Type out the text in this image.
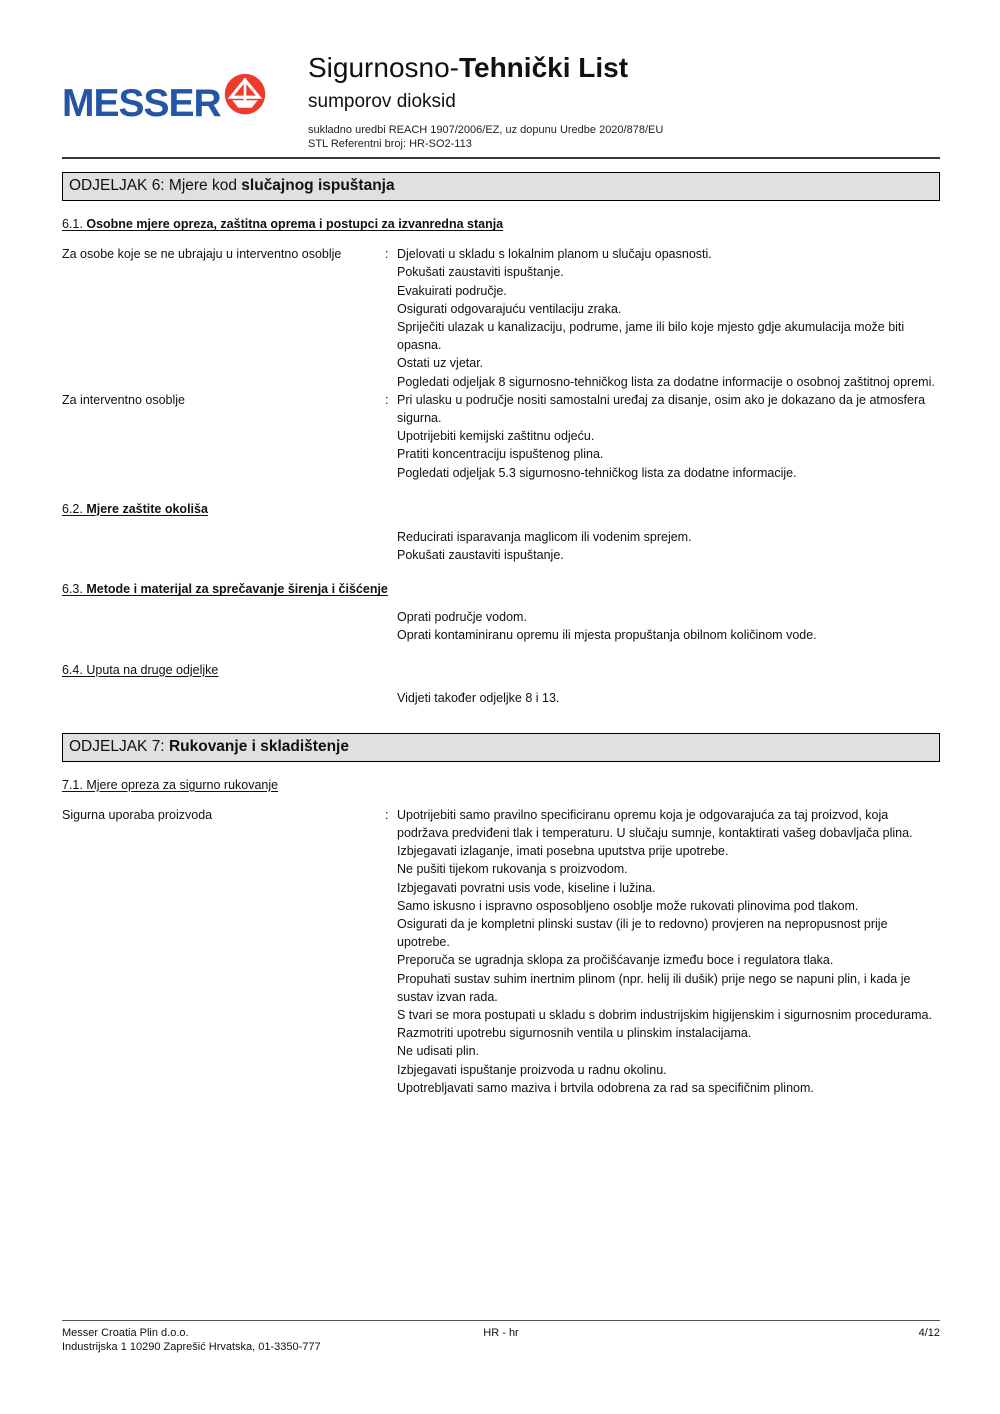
MESSER
Sigurnosno-Tehnički List
sumporov dioksid
sukladno uredbi REACH 1907/2006/EZ, uz dopunu Uredbe 2020/878/EU
STL Referentni broj: HR-SO2-113
ODJELJAK 6: Mjere kod slučajnog ispuštanja
6.1. Osobne mjere opreza, zaštitna oprema i postupci za izvanredna stanja
Za osobe koje se ne ubrajaju u interventno osoblje	: Djelovati u skladu s lokalnim planom u slučaju opasnosti.
Pokušati zaustaviti ispuštanje.
Evakuirati područje.
Osigurati odgovarajuću ventilaciju zraka.
Spriječiti ulazak u kanalizaciju, podrume, jame ili bilo koje mjesto gdje akumulacija može biti opasna.
Ostati uz vjetar.
Pogledati odjeljak 8 sigurnosno-tehničkog lista za dodatne informacije o osobnoj zaštitnoj opremi.
Za interventno osoblje	: Pri ulasku u područje nositi samostalni uređaj za disanje, osim ako je dokazano da je atmosfera sigurna.
Upotrijebiti kemijski zaštitnu odjeću.
Pratiti koncentraciju ispuštenog plina.
Pogledati odjeljak 5.3 sigurnosno-tehničkog lista za dodatne informacije.
6.2. Mjere zaštite okoliša
Reducirati isparavanja maglicom ili vodenim sprejem.
Pokušati zaustaviti ispuštanje.
6.3. Metode i materijal za sprečavanje širenja i čišćenje
Oprati područje vodom.
Oprati kontaminiranu opremu ili mjesta propuštanja obilnom količinom vode.
6.4. Uputa na druge odjeljke
Vidjeti također odjeljke 8 i 13.
ODJELJAK 7: Rukovanje i skladištenje
7.1. Mjere opreza za sigurno rukovanje
Sigurna uporaba proizvoda	: Upotrijebiti samo pravilno specificiranu opremu koja je odgovarajuća za taj proizvod, koja podržava predviđeni tlak i temperaturu. U slučaju sumnje, kontaktirati vašeg dobavljača plina.
Izbjegavati izlaganje, imati posebna uputstva prije upotrebe.
Ne pušiti tijekom rukovanja s proizvodom.
Izbjegavati povratni usis vode, kiseline i lužina.
Samo iskusno i ispravno osposobljeno osoblje može rukovati plinovima pod tlakom.
Osigurati da je kompletni plinski sustav (ili je to redovno) provjeren na nepropusnost prije upotrebe.
Preporuča se ugradnja sklopa za pročišćavanje između boce i regulatora tlaka.
Propuhati sustav suhim inertnim plinom (npr. helij ili dušik) prije nego se napuni plin, i kada je sustav izvan rada.
S tvari se mora postupati u skladu s dobrim industrijskim higijenskim i sigurnosnim procedurama.
Razmotriti upotrebu sigurnosnih ventila u plinskim instalacijama.
Ne udisati plin.
Izbjegavati ispuštanje proizvoda u radnu okolinu.
Upotrebljavati samo maziva i brtvila odobrena za rad sa specifičnim plinom.
Messer Croatia Plin d.o.o.
Industrijska 1 10290 Zaprešić Hrvatska, 01-3350-777
HR - hr	4/12
